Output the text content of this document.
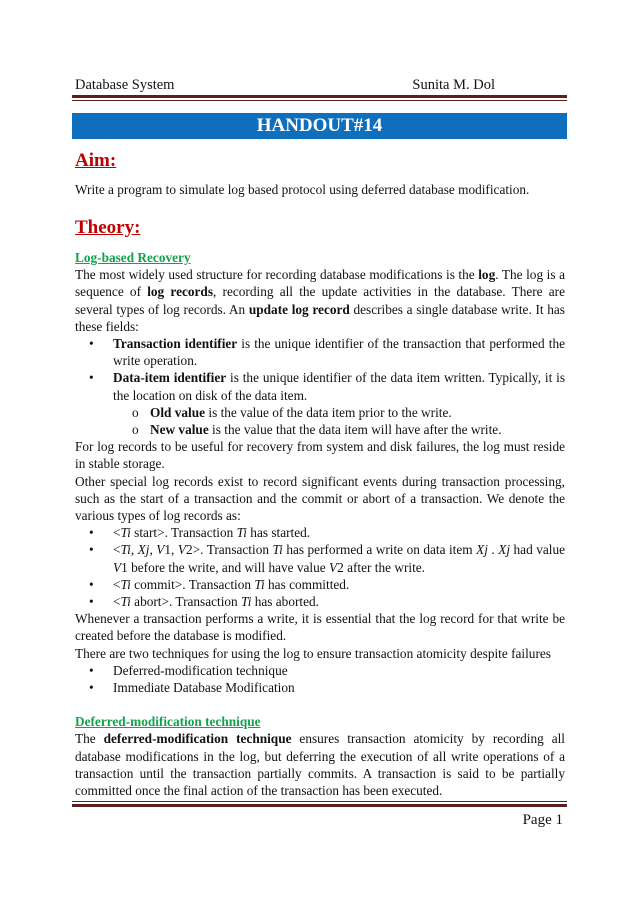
Database System	Sunita M. Dol
HANDOUT#14
Aim:

Write a program to simulate log based protocol using deferred database modification.

Theory:

Log-based Recovery

The most widely used structure for recording database modifications is the log. The log is a sequence of log records, recording all the update activities in the database. There are several types of log records. An update log record describes a single database write. It has these fields:

• Transaction identifier is the unique identifier of the transaction that performed the write operation.

• Data-item identifier is the unique identifier of the data item written. Typically, it is the location on disk of the data item.

o Old value is the value of the data item prior to the write.

o New value is the value that the data item will have after the write.

For log records to be useful for recovery from system and disk failures, the log must reside in stable storage.

Other special log records exist to record significant events during transaction processing, such as the start of a transaction and the commit or abort of a transaction. We denote the various types of log records as:

• <Ti start>. Transaction Ti has started.

• <Ti, Xj, V1, V2>. Transaction Ti has performed a write on data item Xj . Xj had value V1 before the write, and will have value V2 after the write.

• <Ti commit>. Transaction Ti has committed.

• <Ti abort>. Transaction Ti has aborted.

Whenever a transaction performs a write, it is essential that the log record for that write be created before the database is modified.

There are two techniques for using the log to ensure transaction atomicity despite failures

• Deferred-modification technique

• Immediate Database Modification

Deferred-modification technique

The deferred-modification technique ensures transaction atomicity by recording all database modifications in the log, but deferring the execution of all write operations of a transaction until the transaction partially commits. A transaction is said to be partially committed once the final action of the transaction has been executed.

Page 1
